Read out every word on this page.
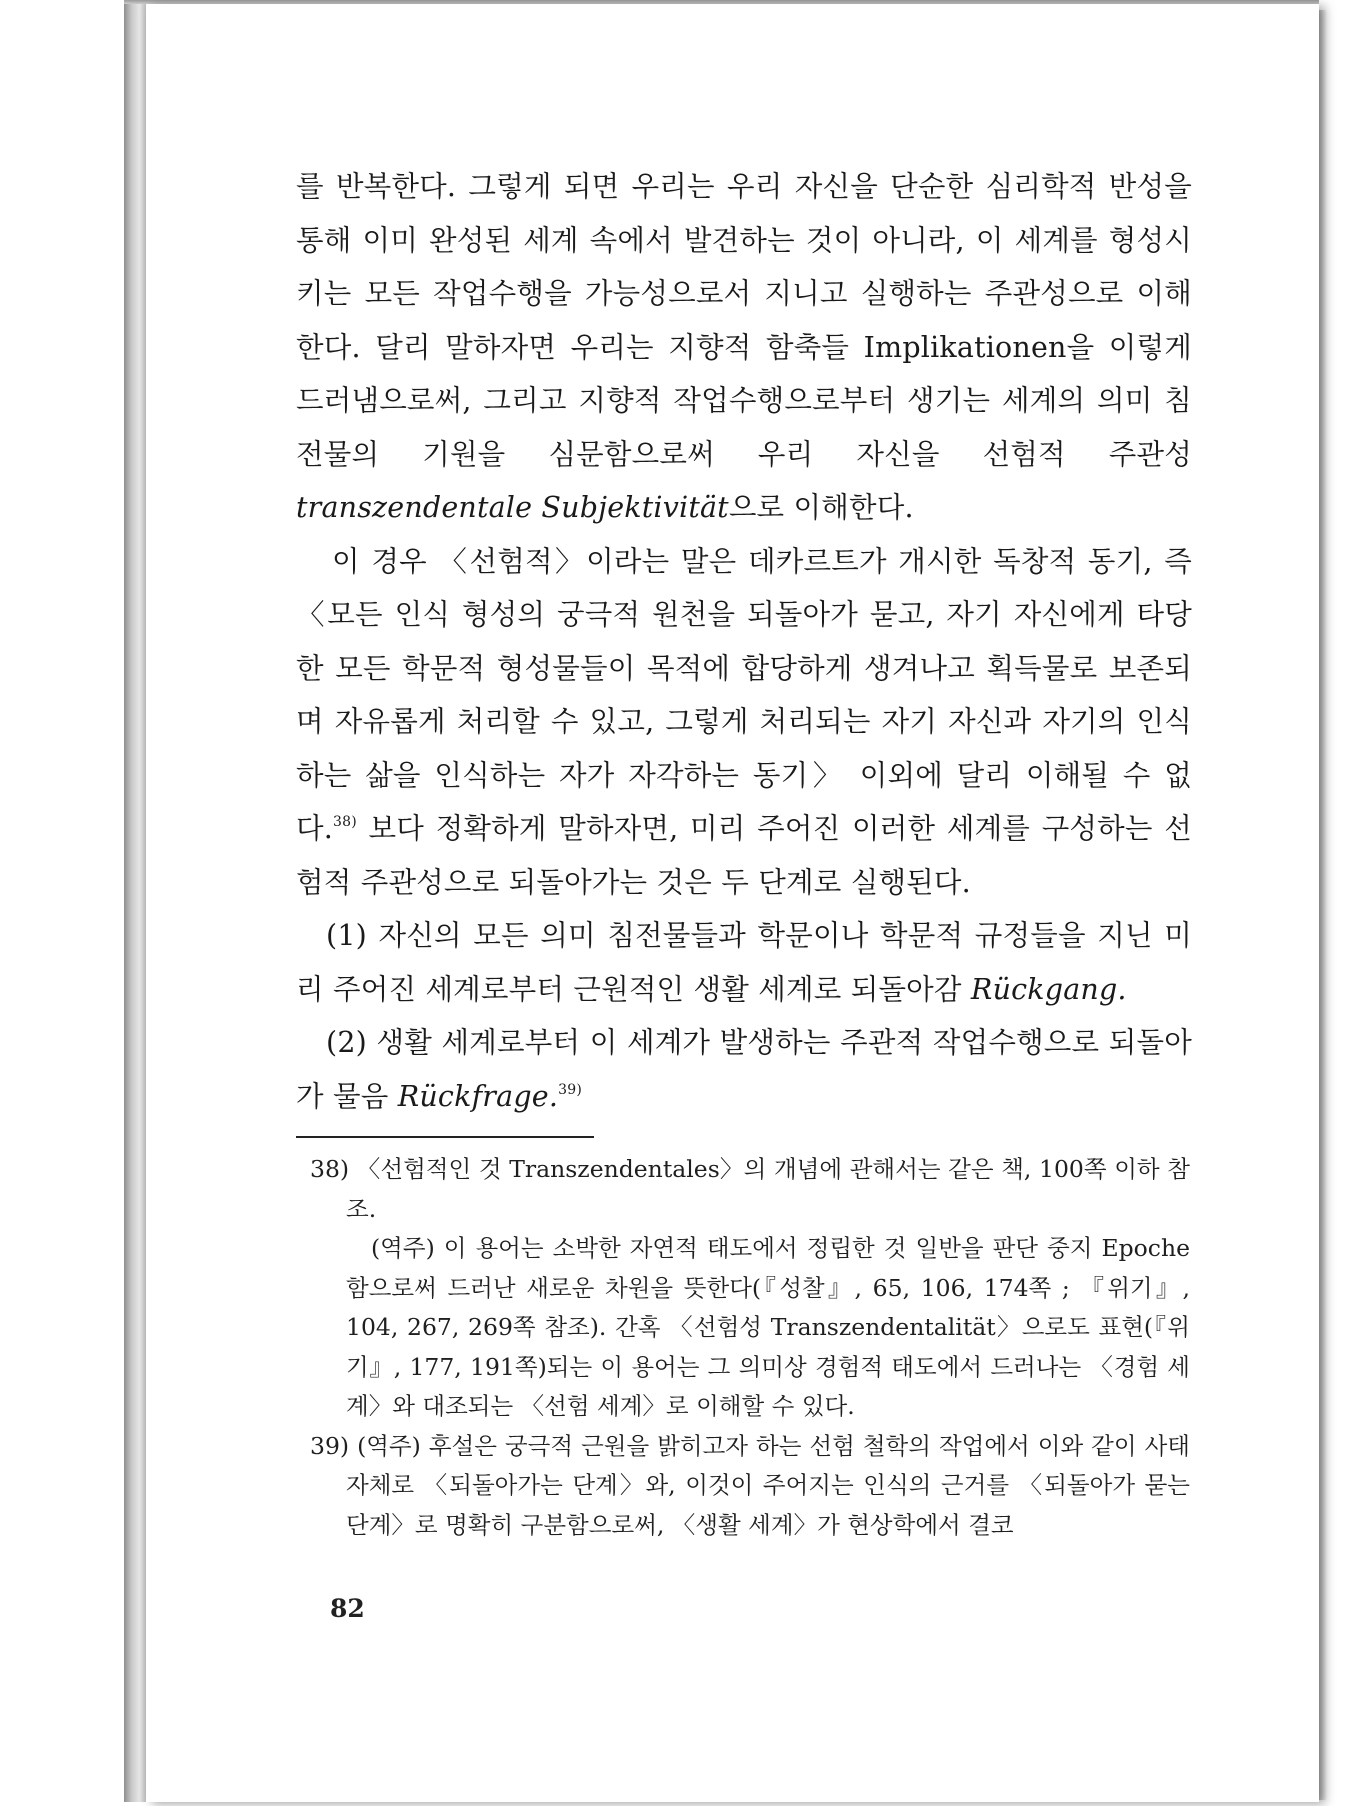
를 반복한다. 그렇게 되면 우리는 우리 자신을 단순한 심리학적 반성을 통해 이미 완성된 세계 속에서 발견하는 것이 아니라, 이 세계를 형성시키는 모든 작업수행을 가능성으로서 지니고 실행하는 주관성으로 이해한다. 달리 말하자면 우리는 지향적 함축들 Implikationen을 이렇게 드러냄으로써, 그리고 지향적 작업수행으로부터 생기는 세계의 의미 침전물의 기원을 심문함으로써 우리 자신을 선험적 주관성 transzendentale Subjektivität으로 이해한다.

이 경우 〈선험적〉이라는 말은 데카르트가 개시한 독창적 동기, 즉 〈모든 인식 형성의 궁극적 원천을 되돌아가 묻고, 자기 자신에게 타당한 모든 학문적 형성물들이 목적에 합당하게 생겨나고 획득물로 보존되며 자유롭게 처리할 수 있고, 그렇게 처리되는 자기 자신과 자기의 인식하는 삶을 인식하는 자가 자각하는 동기〉 이외에 달리 이해될 수 없다.$^{38)}$ 보다 정확하게 말하자면, 미리 주어진 이러한 세계를 구성하는 선험적 주관성으로 되돌아가는 것은 두 단계로 실행된다.

(1) 자신의 모든 의미 침전물들과 학문이나 학문적 규정들을 지닌 미리 주어진 세계로부터 근원적인 생활 세계로 되돌아감 Rückgang.

(2) 생활 세계로부터 이 세계가 발생하는 주관적 작업수행으로 되돌아가 물음 Rückfrage.$^{39)}$

38) 〈선험적인 것 Transzendentales〉의 개념에 관해서는 같은 책, 100쪽 이하 참조.

(역주) 이 용어는 소박한 자연적 태도에서 정립한 것 일반을 판단 중지 Epoche함으로써 드러난 새로운 차원을 뜻한다(『성찰』, 65, 106, 174쪽 ; 『위기』, 104, 267, 269쪽 참조). 간혹 〈선험성 Transzendentalität〉으로도 표현(『위기』, 177, 191쪽)되는 이 용어는 그 의미상 경험적 태도에서 드러나는 〈경험 세계〉와 대조되는 〈선험 세계〉로 이해할 수 있다.

39) (역주) 후설은 궁극적 근원을 밝히고자 하는 선험 철학의 작업에서 이와 같이 사태 자체로 〈되돌아가는 단계〉와, 이것이 주어지는 인식의 근거를 〈되돌아가 묻는 단계〉로 명확히 구분함으로써, 〈생활 세계〉가 현상학에서 결코

82
